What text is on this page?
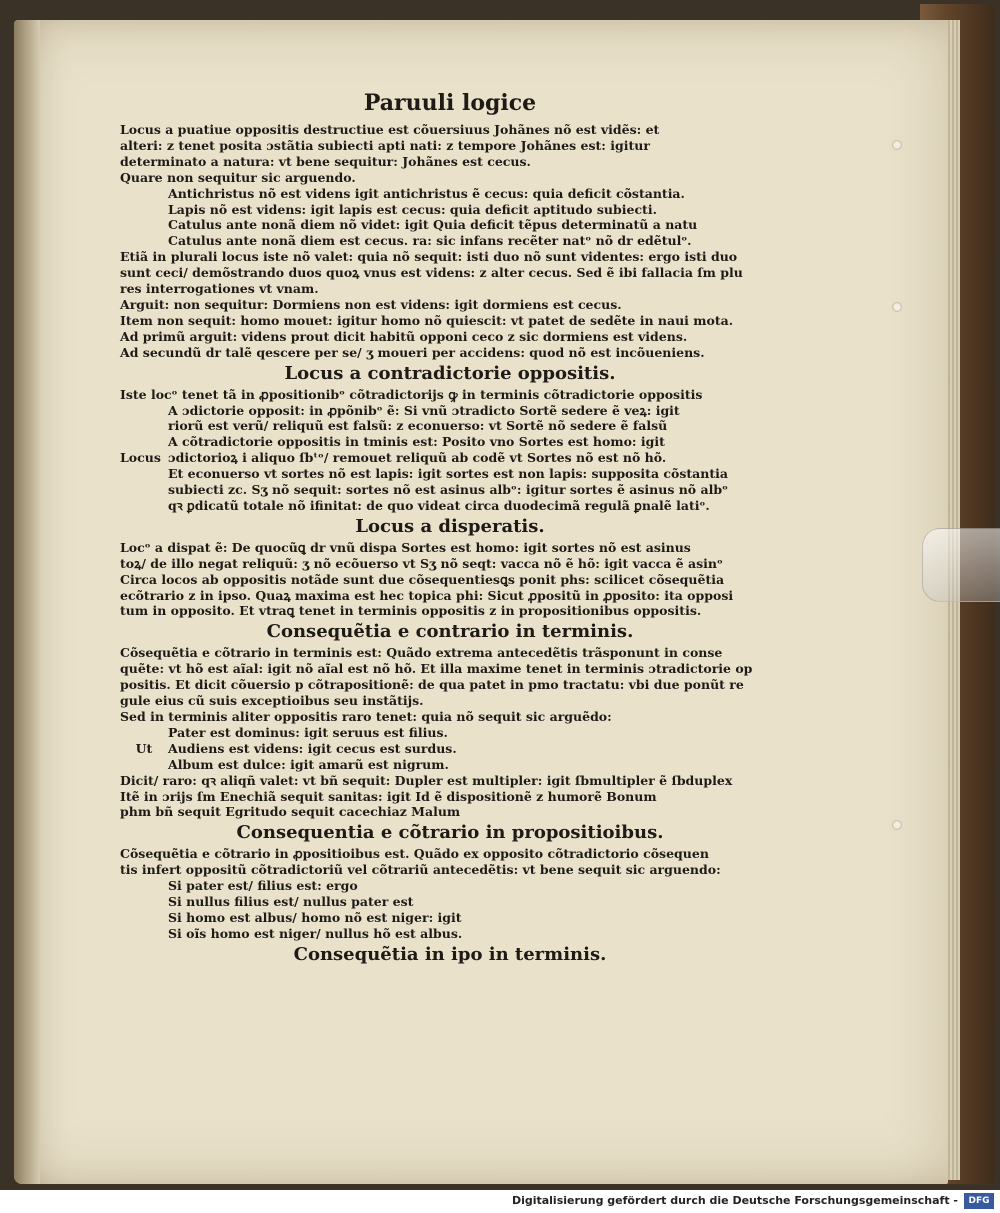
Paruuli logice
Locus a puatiue oppositis destructiue est cõuersiuus Johãnes nõ est vidẽs: et
alteri: z tenet posita ɔstãtia subiecti apti nati: z tempore Johãnes est: igitur
determinato a natura: vt bene sequitur: Johãnes est cecus.
Quare non sequitur sic arguendo.
Antichristus nõ est videns igit antichristus ẽ cecus: quia deficit cõstantia.
Lapis nõ est videns: igit lapis est cecus: quia deficit aptitudo subiecti.
Catulus ante nonã diem nõ videt: igit Quia deficit tẽpus determinatũ a natu
Catulus ante nonã diem est cecus. ra: sic infans recẽter natᵒ nõ dr edẽtulᵒ.
Etiã in plurali locus iste nõ valet: quia nõ sequit: isti duo nõ sunt videntes: ergo isti duo
sunt ceci/ demõstrando duos quoꝝ vnus est videns: z alter cecus. Sed ẽ ibi fallacia ſm plu
res interrogationes vt vnam.
Arguit: non sequitur: Dormiens non est videns: igit dormiens est cecus.
Item non sequit: homo mouet: igitur homo nõ quiescit: vt patet de sedẽte in naui mota.
Ad primũ arguit: videns prout dicit habitũ opponi ceco z sic dormiens est videns.
Ad secundũ dr talẽ qescere per se/ ʒ moueri per accidens: quod nõ est incõueniens.
Locus a contradictorie oppositis.
Iste locᵒ tenet tã in ꝓpositionibᵒ cõtradictorijs ꝙ in terminis cõtradictorie oppositis
A ɔdictorie opposit: in ꝓpõnibᵒ ẽ: Si vnũ ɔtradicto Sortẽ sedere ẽ veꝝ: igit
riorũ est verũ/ reliquũ est falsũ: z econuerso: vt Sortẽ nõ sedere ẽ falsũ
A cõtradictorie oppositis in tminis est: Posito vno Sortes est homo: igit
Locus ɔdictorioꝝ i aliquo ſbᵗᵒ/ remouet reliquũ ab codẽ vt Sortes nõ est nõ hõ.
Et econuerso vt sortes nõ est lapis: igit sortes est non lapis: supposita cõstantia
subiecti zc. Sʒ nõ sequit: sortes nõ est asinus albᵒ: igitur sortes ẽ asinus nõ albᵒ
qꝛ ꝑdicatũ totale nõ ifinitat: de quo videat circa duodecimã regulã ꝑnalẽ latiᵒ.
Locus a disperatis.
Locᵒ a dispat ẽ: De quocũꝗ dr vnũ dispa Sortes est homo: igit sortes nõ est asinus
toꝝ/ de illo negat reliquũ: ʒ nõ ecõuerso vt Sʒ nõ seqt: vacca nõ ẽ hõ: igit vacca ẽ asinᵒ
Circa locos ab oppositis notãde sunt due cõsequentiesꝗs ponit phs: scilicet cõsequẽtia
ecõtrario z in ipso. Quaꝝ maxima est hec topica phi: Sicut ꝓpositũ in ꝓposito: ita opposi
tum in opposito. Et vtraꝗ tenet in terminis oppositis z in propositionibus oppositis.
Consequẽtia e contrario in terminis.
Cõsequẽtia e cõtrario in terminis est: Quãdo extrema antecedẽtis trãsponunt in conse
quẽte: vt hõ est aĩal: igit nõ aĩal est nõ hõ. Et illa maxime tenet in terminis ɔtradictorie op
positis. Et dicit cõuersio p cõtrapositionẽ: de qua patet in pmo tractatu: vbi due ponũt re
gule eius cũ suis exceptioibus seu instãtijs.
Sed in terminis aliter oppositis raro tenet: quia nõ sequit sic arguẽdo:
Pater est dominus: igit seruus est filius.
Ut Audiens est videns: igit cecus est surdus.
Album est dulce: igit amarũ est nigrum.
Dicit/ raro: qꝛ aliqñ valet: vt bñ sequit: Dupler est multipler: igit ſbmultipler ẽ ſbduplex
Itẽ in ɔrijs ſm Enechiã sequit sanitas: igit Id ẽ dispositionẽ z humorẽ Bonum
phm bñ sequit Egritudo sequit cacechiaz Malum
Consequentia e cõtrario in propositioibus.
Cõsequẽtia e cõtrario in ꝓpositioibus est. Quãdo ex opposito cõtradictorio cõsequen
tis infert oppositũ cõtradictoriũ vel cõtrariũ antecedẽtis: vt bene sequit sic arguendo:
Si pater est/ filius est: ergo
Si nullus filius est/ nullus pater est
Si homo est albus/ homo nõ est niger: igit
Si oĩs homo est niger/ nullus hõ est albus.
Consequẽtia in ipo in terminis.
Digitalisierung gefördert durch die Deutsche Forschungsgemeinschaft -	DFG
